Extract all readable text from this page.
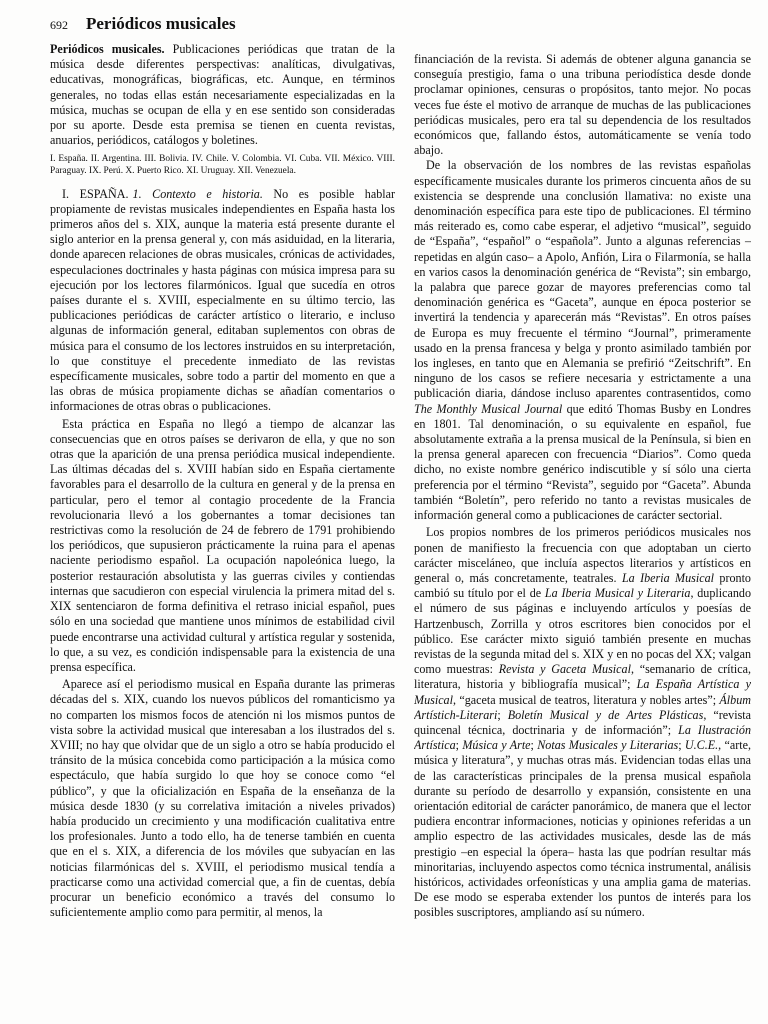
692 Periódicos musicales

Periódicos musicales. Publicaciones periódicas que tratan de la música desde diferentes perspectivas: analíticas, divulgativas, educativas, monográficas, biográficas, etc. Aunque, en términos generales, no todas ellas están necesariamente especializadas en la música, muchas se ocupan de ella y en ese sentido son consideradas por su aporte. Desde esta premisa se tienen en cuenta revistas, anuarios, periódicos, catálogos y boletines.

I. España. II. Argentina. III. Bolivia. IV. Chile. V. Colombia. VI. Cuba. VII. México. VIII. Paraguay. IX. Perú. X. Puerto Rico. XI. Uruguay. XII. Venezuela.

I. ESPAÑA. 1. Contexto e historia. No es posible hablar propiamente de revistas musicales independientes en España hasta los primeros años del s. XIX, aunque la materia está presente durante el siglo anterior en la prensa general y, con más asiduidad, en la literaria, donde aparecen relaciones de obras musicales, crónicas de actividades, especulaciones doctrinales y hasta páginas con música impresa para su ejecución por los lectores filarmónicos. Igual que sucedía en otros países durante el s. XVIII, especialmente en su último tercio, las publicaciones periódicas de carácter artístico o literario, e incluso algunas de información general, editaban suplementos con obras de música para el consumo de los lectores instruidos en su interpretación, lo que constituye el precedente inmediato de las revistas específicamente musicales, sobre todo a partir del momento en que a las obras de música propiamente dichas se añadían comentarios o informaciones de otras obras o publicaciones.

Esta práctica en España no llegó a tiempo de alcanzar las consecuencias que en otros países se derivaron de ella, y que no son otras que la aparición de una prensa periódica musical independiente. Las últimas décadas del s. XVIII habían sido en España ciertamente favorables para el desarrollo de la cultura en general y de la prensa en particular, pero el temor al contagio procedente de la Francia revolucionaria llevó a los gobernantes a tomar decisiones tan restrictivas como la resolución de 24 de febrero de 1791 prohibiendo los periódicos, que supusieron prácticamente la ruina para el apenas naciente periodismo español. La ocupación napoleónica luego, la posterior restauración absolutista y las guerras civiles y contiendas internas que sacudieron con especial virulencia la primera mitad del s. XIX sentenciaron de forma definitiva el retraso inicial español, pues sólo en una sociedad que mantiene unos mínimos de estabilidad civil puede encontrarse una actividad cultural y artística regular y sostenida, lo que, a su vez, es condición indispensable para la existencia de una prensa específica.

Aparece así el periodismo musical en España durante las primeras décadas del s. XIX, cuando los nuevos públicos del romanticismo ya no comparten los mismos focos de atención ni los mismos puntos de vista sobre la actividad musical que interesaban a los ilustrados del s. XVIII; no hay que olvidar que de un siglo a otro se había producido el tránsito de la música concebida como participación a la música como espectáculo, que había surgido lo que hoy se conoce como “el público”, y que la oficialización en España de la enseñanza de la música desde 1830 (y su correlativa imitación a niveles privados) había producido un crecimiento y una modificación cualitativa entre los profesionales. Junto a todo ello, ha de tenerse también en cuenta que en el s. XIX, a diferencia de los móviles que subyacían en las noticias filarmónicas del s. XVIII, el periodismo musical tendía a practicarse como una actividad comercial que, a fin de cuentas, debía procurar un beneficio económico a través del consumo lo suficientemente amplio como para permitir, al menos, la

financiación de la revista. Si además de obtener alguna ganancia se conseguía prestigio, fama o una tribuna periodística desde donde proclamar opiniones, censuras o propósitos, tanto mejor. No pocas veces fue éste el motivo de arranque de muchas de las publicaciones periódicas musicales, pero era tal su dependencia de los resultados económicos que, fallando éstos, automáticamente se venía todo abajo.

De la observación de los nombres de las revistas españolas específicamente musicales durante los primeros cincuenta años de su existencia se desprende una conclusión llamativa: no existe una denominación específica para este tipo de publicaciones. El término más reiterado es, como cabe esperar, el adjetivo “musical”, seguido de “España”, “español” o “española”. Junto a algunas referencias –repetidas en algún caso– a Apolo, Anfión, Lira o Filarmonía, se halla en varios casos la denominación genérica de “Revista”; sin embargo, la palabra que parece gozar de mayores preferencias como tal denominación genérica es “Gaceta”, aunque en época posterior se invertirá la tendencia y aparecerán más “Revistas”. En otros países de Europa es muy frecuente el término “Journal”, primeramente usado en la prensa francesa y belga y pronto asimilado también por los ingleses, en tanto que en Alemania se prefirió “Zeitschrift”. En ninguno de los casos se refiere necesaria y estrictamente a una publicación diaria, dándose incluso aparentes contrasentidos, como The Monthly Musical Journal que editó Thomas Busby en Londres en 1801. Tal denominación, o su equivalente en español, fue absolutamente extraña a la prensa musical de la Península, si bien en la prensa general aparecen con frecuencia “Diarios”. Como queda dicho, no existe nombre genérico indiscutible y sí sólo una cierta preferencia por el término “Revista”, seguido por “Gaceta”. Abunda también “Boletín”, pero referido no tanto a revistas musicales de información general como a publicaciones de carácter sectorial.

Los propios nombres de los primeros periódicos musicales nos ponen de manifiesto la frecuencia con que adoptaban un cierto carácter misceláneo, que incluía aspectos literarios y artísticos en general o, más concretamente, teatrales. La Iberia Musical pronto cambió su título por el de La Iberia Musical y Literaria, duplicando el número de sus páginas e incluyendo artículos y poesías de Hartzenbusch, Zorrilla y otros escritores bien conocidos por el público. Ese carácter mixto siguió también presente en muchas revistas de la segunda mitad del s. XIX y en no pocas del XX; valgan como muestras: Revista y Gaceta Musical, “semanario de crítica, literatura, historia y bibliografía musical”; La España Artística y Musical, “gaceta musical de teatros, literatura y nobles artes”; Álbum Artístich-Literari; Boletín Musical y de Artes Plásticas, “revista quincenal técnica, doctrinaria y de información”; La Ilustración Artística; Música y Arte; Notas Musicales y Literarias; U.C.E., “arte, música y literatura”, y muchas otras más. Evidencian todas ellas una de las características principales de la prensa musical española durante su período de desarrollo y expansión, consistente en una orientación editorial de carácter panorámico, de manera que el lector pudiera encontrar informaciones, noticias y opiniones referidas a un amplio espectro de las actividades musicales, desde las de más prestigio –en especial la ópera– hasta las que podrían resultar más minoritarias, incluyendo aspectos como técnica instrumental, análisis históricos, actividades orfeonísticas y una amplia gama de materias. De ese modo se esperaba extender los puntos de interés para los posibles suscriptores, ampliando así su número.
